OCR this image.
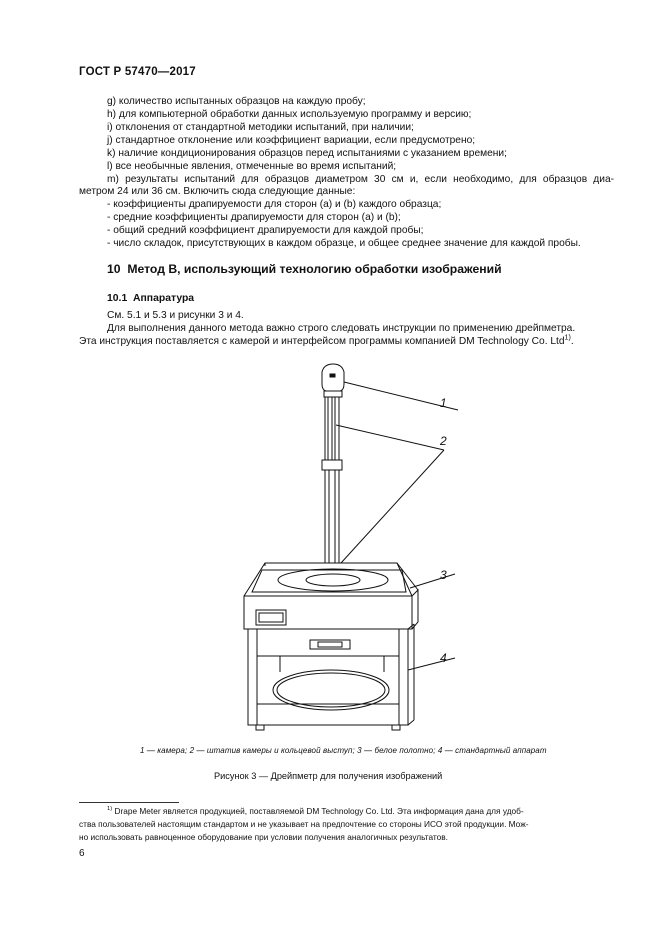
ГОСТ Р 57470—2017
g) количество испытанных образцов на каждую пробу;
h) для компьютерной обработки данных используемую программу и версию;
i) отклонения от стандартной методики испытаний, при наличии;
j) стандартное отклонение или коэффициент вариации, если предусмотрено;
k) наличие кондиционирования образцов перед испытаниями с указанием времени;
l) все необычные явления, отмеченные во время испытаний;
m) результаты испытаний для образцов диаметром 30 см и, если необходимо, для образцов диа-
метром 24 или 36 см. Включить сюда следующие данные:
- коэффициенты драпируемости для сторон (a) и (b) каждого образца;
- средние коэффициенты драпируемости для сторон (a) и (b);
- общий средний коэффициент драпируемости для каждой пробы;
- число складок, присутствующих в каждом образце, и общее среднее значение для каждой пробы.
10 Метод B, использующий технологию обработки изображений
10.1 Аппаратура
См. 5.1 и 5.3 и рисунки 3 и 4.
Для выполнения данного метода важно строго следовать инструкции по применению дрейпметра.
Эта инструкция поставляется с камерой и интерфейсом программы компанией DM Technology Co. Ltd$^{1)}$.
1
2
3
4
1 — камера; 2 — штатив камеры и кольцевой выступ; 3 — белое полотно; 4 — стандартный аппарат
Рисунок 3 — Дрейпметр для получения изображений
$^{1)}$ Drape Meter является продукцией, поставляемой DM Technology Co. Ltd. Эта информация дана для удоб-
ства пользователей настоящим стандартом и не указывает на предпочтение со стороны ИСО этой продукции. Мож-
но использовать равноценное оборудование при условии получения аналогичных результатов.
6
